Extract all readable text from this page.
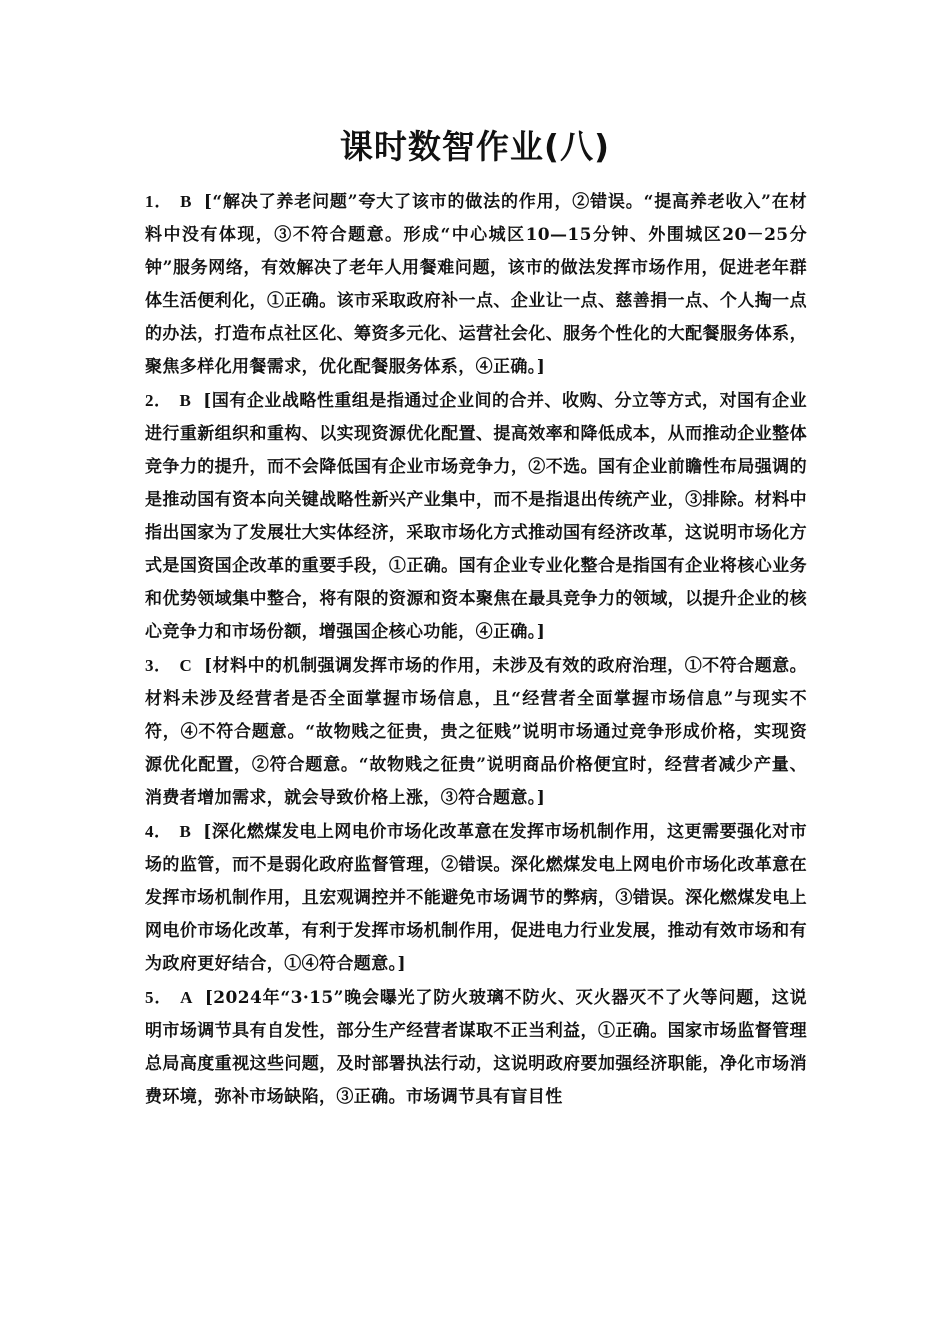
课时数智作业(八)

1． B [“解决了养老问题”夸大了该市的做法的作用，②错误。“提高养老收入”在材料中没有体现，③不符合题意。形成“中心城区10—15分钟、外围城区20－25分钟”服务网络，有效解决了老年人用餐难问题，该市的做法发挥市场作用，促进老年群体生活便利化，①正确。该市采取政府补一点、企业让一点、慈善捐一点、个人掏一点的办法，打造布点社区化、筹资多元化、运营社会化、服务个性化的大配餐服务体系，聚焦多样化用餐需求，优化配餐服务体系，④正确。]

2． B [国有企业战略性重组是指通过企业间的合并、收购、分立等方式，对国有企业进行重新组织和重构、以实现资源优化配置、提高效率和降低成本，从而推动企业整体竞争力的提升，而不会降低国有企业市场竞争力，②不选。国有企业前瞻性布局强调的是推动国有资本向关键战略性新兴产业集中，而不是指退出传统产业，③排除。材料中指出国家为了发展壮大实体经济，采取市场化方式推动国有经济改革，这说明市场化方式是国资国企改革的重要手段，①正确。国有企业专业化整合是指国有企业将核心业务和优势领域集中整合，将有限的资源和资本聚焦在最具竞争力的领域，以提升企业的核心竞争力和市场份额，增强国企核心功能，④正确。]

3． C [材料中的机制强调发挥市场的作用，未涉及有效的政府治理，①不符合题意。材料未涉及经营者是否全面掌握市场信息，且“经营者全面掌握市场信息”与现实不符，④不符合题意。“故物贱之征贵，贵之征贱”说明市场通过竞争形成价格，实现资源优化配置，②符合题意。“故物贱之征贵”说明商品价格便宜时，经营者减少产量、消费者增加需求，就会导致价格上涨，③符合题意。]

4． B [深化燃煤发电上网电价市场化改革意在发挥市场机制作用，这更需要强化对市场的监管，而不是弱化政府监督管理，②错误。深化燃煤发电上网电价市场化改革意在发挥市场机制作用，且宏观调控并不能避免市场调节的弊病，③错误。深化燃煤发电上网电价市场化改革，有利于发挥市场机制作用，促进电力行业发展，推动有效市场和有为政府更好结合，①④符合题意。]

5． A [2024年“3·15”晚会曝光了防火玻璃不防火、灭火器灭不了火等问题，这说明市场调节具有自发性，部分生产经营者谋取不正当利益，①正确。国家市场监督管理总局高度重视这些问题，及时部署执法行动，这说明政府要加强经济职能，净化市场消费环境，弥补市场缺陷，③正确。市场调节具有盲目性
